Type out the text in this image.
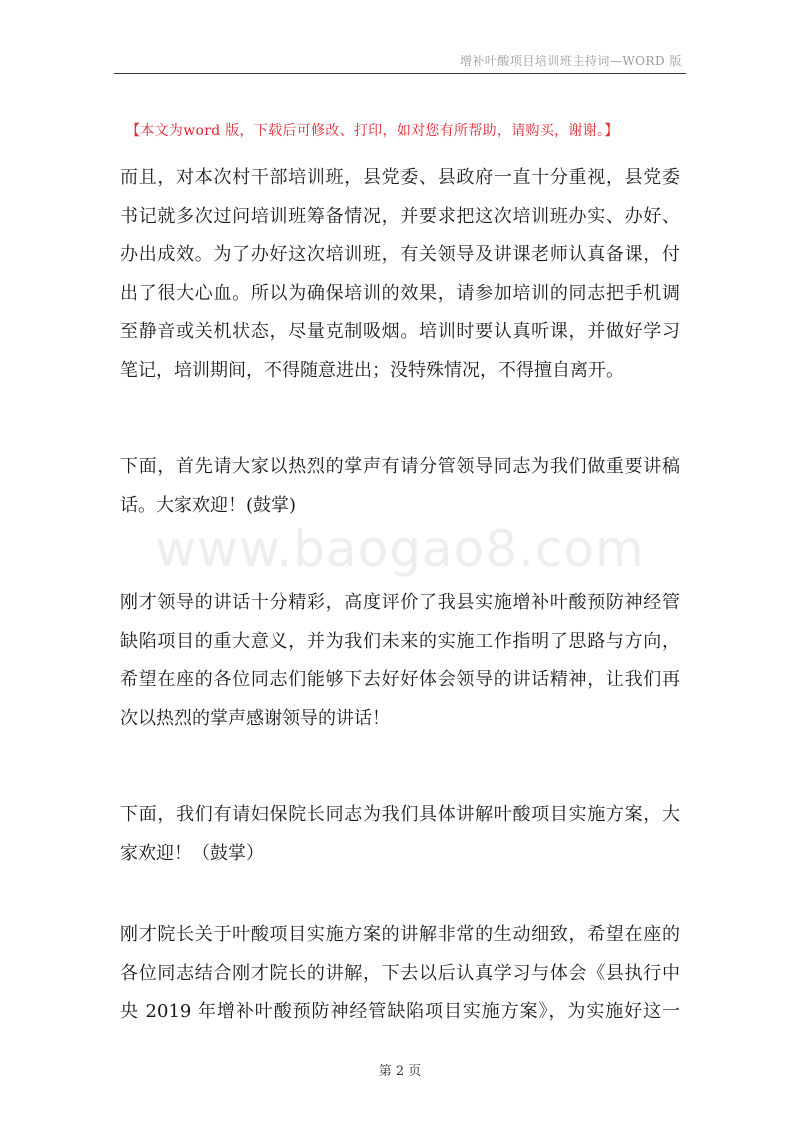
增补叶酸项目培训班主持词—WORD 版
【本文为word 版，下载后可修改、打印，如对您有所帮助，请购买，谢谢。】
www.baogao8.com
而且，对本次村干部培训班，县党委、县政府一直十分重视，县党委
书记就多次过问培训班筹备情况，并要求把这次培训班办实、办好、
办出成效。为了办好这次培训班，有关领导及讲课老师认真备课，付
出了很大心血。所以为确保培训的效果，请参加培训的同志把手机调
至静音或关机状态，尽量克制吸烟。培训时要认真听课，并做好学习
笔记，培训期间，不得随意进出；没特殊情况，不得擅自离开。
下面，首先请大家以热烈的掌声有请分管领导同志为我们做重要讲稿
话。大家欢迎！(鼓掌)
刚才领导的讲话十分精彩，高度评价了我县实施增补叶酸预防神经管
缺陷项目的重大意义，并为我们未来的实施工作指明了思路与方向，
希望在座的各位同志们能够下去好好体会领导的讲话精神，让我们再
次以热烈的掌声感谢领导的讲话！
下面，我们有请妇保院长同志为我们具体讲解叶酸项目实施方案，大
家欢迎！（鼓掌）
刚才院长关于叶酸项目实施方案的讲解非常的生动细致，希望在座的
各位同志结合刚才院长的讲解，下去以后认真学习与体会《县执行中
央 2019 年增补叶酸预防神经管缺陷项目实施方案》，为实施好这一
第 2 页
